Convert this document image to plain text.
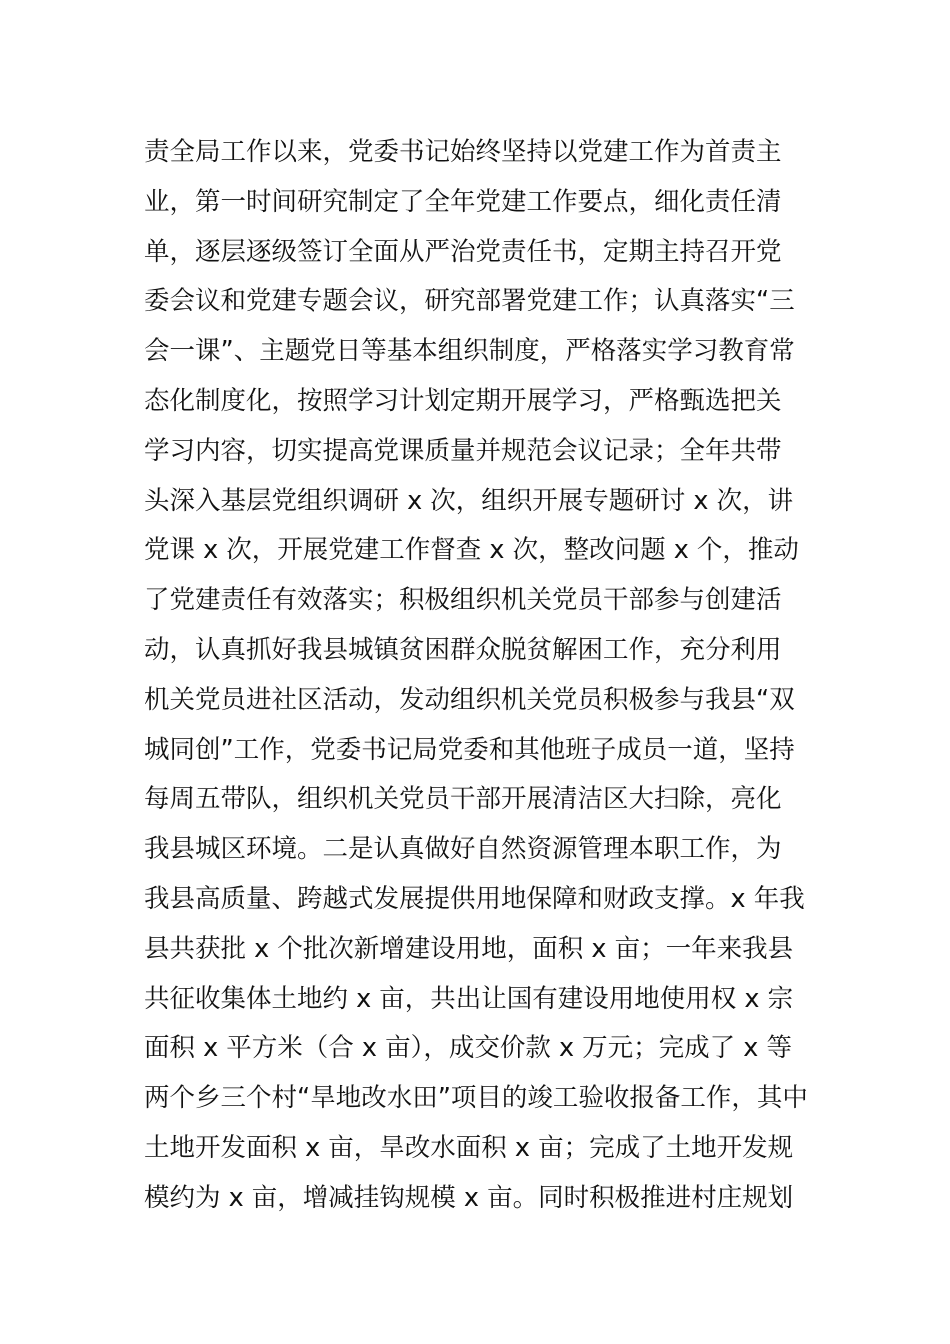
责全局工作以来，党委书记始终坚持以党建工作为首责主
业，第一时间研究制定了全年党建工作要点，细化责任清
单，逐层逐级签订全面从严治党责任书，定期主持召开党
委会议和党建专题会议，研究部署党建工作；认真落实“三
会一课”、主题党日等基本组织制度，严格落实学习教育常
态化制度化，按照学习计划定期开展学习，严格甄选把关
学习内容，切实提高党课质量并规范会议记录；全年共带
头深入基层党组织调研 x 次，组织开展专题研讨 x 次，讲
党课 x 次，开展党建工作督查 x 次，整改问题 x 个，推动
了党建责任有效落实；积极组织机关党员干部参与创建活
动，认真抓好我县城镇贫困群众脱贫解困工作，充分利用
机关党员进社区活动，发动组织机关党员积极参与我县“双
城同创”工作，党委书记局党委和其他班子成员一道，坚持
每周五带队，组织机关党员干部开展清洁区大扫除，亮化
我县城区环境。二是认真做好自然资源管理本职工作，为
我县高质量、跨越式发展提供用地保障和财政支撑。x 年我
县共获批 x 个批次新增建设用地，面积 x 亩；一年来我县
共征收集体土地约 x 亩，共出让国有建设用地使用权 x 宗
面积 x 平方米（合 x 亩），成交价款 x 万元；完成了 x 等
两个乡三个村“旱地改水田”项目的竣工验收报备工作，其中
土地开发面积 x 亩，旱改水面积 x 亩；完成了土地开发规
模约为 x 亩，增减挂钩规模 x 亩。同时积极推进村庄规划
